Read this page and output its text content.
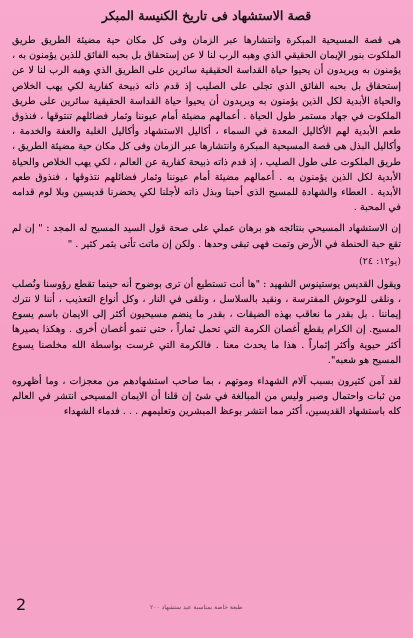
قصة الاستشهاد فى تاريخ الكنيسة المبكر

هى قصة المسيحية المبكرة وانتشارها عبر الزمان وفى كل مكان حية مضيئة الطريق طريق الملكوت بنور الإيمان الحقيقي الذي وهبه الرب لنا لا عن إستحقاق بل بحبه الفائق للذين يؤمنون به ، يؤمنون به ويريدون أن يحيوا حياة القداسة الحقيقية سائرين على الطريق الذي وهبه الرب لنا لا عن إستحقاق بل بحبه الفائق الذي تجلى على الصليب إذ قدم ذاته ذبيحة كفارية لكي يهب الخلاص والحياة الأبدية لكل الذين يؤمنون به ويريدون أن يحيوا حياة القداسة الحقيقية سائرين على طريق الملكوت في جهاد مستمر طول الحياة . أعمالهم مضيئة أمام عيوننا وثمار فضائلهم تنتوقها ، فنذوق طعم الأبدية لهم الأكاليل المعدة في السماء ، أكاليل الاستشهاد وأكاليل الغلبة والعفة والخدمة ، وأكاليل البذل هى قصة المسيحية المبكرة وانتشارها عبر الزمان وفى كل مكان حية مضيئة الطريق ، طريق الملكوت على طول الصليب ، إذ قدم ذاته ذبيحة كفارية عن العالم ، لكي يهب الخلاص والحياة الأبدية لكل الذين يؤمنون به . أعمالهم مضيئة أمام عيوننا وثمار فضائلهم نتذوقها ، فنذوق طعم الأبدية . العطاء والشهادة للمسيح الذى أحبنا وبذل ذاته لأجلنا لكي يحضرنا قديسين وبلا لوم قدامه في المحبة .

إن الاستشهاد المسيحي بنتائجه هو برهان عملي على صحة قول السيد المسيح له المجد : " إن لم تقع حبة الحنطة في الأرض وتمت فهى تبقى وحدها . ولكن إن ماتت تأتى بثمر كثير . "

(يو١٢: ٢٤)

ويقول القديس يوستينوس الشهيد : "ها أنت تستطيع أن ترى بوضوح أنه حينما تقطع رؤوسنا ونُصلب ، ونلقى للوحوش المفترسة ، ونقيد بالسلاسل ، ونلقى في النار ، وكل أنواع التعذيب ، أننا لا نترك إيماننا . بل بقدر ما نعاقب بهذه الضيقات ، بقدر ما ينضم مسيحيون أكثر إلى الايمان باسم يسوع المسيح. إن الكرام يقطع أغصان الكرمة التي تحمل ثماراً ، حتى تنمو أغصان أخرى . وهكذا يصيرها أكثر حيوية وأكثر إثماراً . هذا ما يحدث معنا . فالكرمة التي غرست بواسطة الله مخلصنا يسوع المسيح هو شعبه".

لقد آمن كثيرون بسبب آلام الشهداء وموتهم ، بما صاحب استشهادهم من معجزات ، وما أظهروه من ثبات واحتمال وصبر وليس من المبالغة في شئ إن قلنا أن الايمان المسيحى انتشر في العالم كله باستشهاد القديسين، أكثر مما انتشر بوعظ المبشرين وتعليمهم . . . فدماء الشهداء

طبعة خاصة بمناسبة عيد ستشهاد ٢٠٠
2
